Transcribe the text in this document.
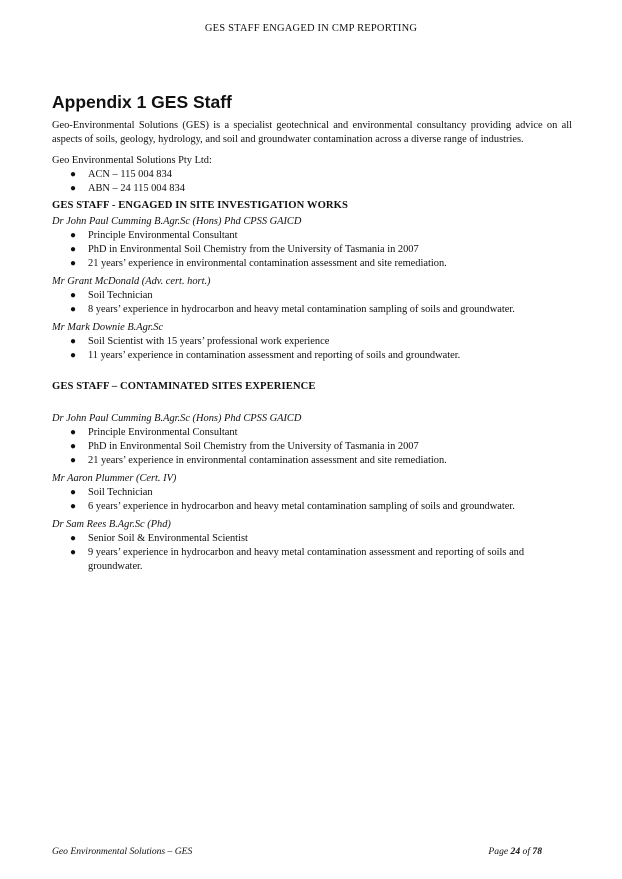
GES STAFF ENGAGED IN CMP REPORTING
Appendix 1 GES Staff

Geo-Environmental Solutions (GES) is a specialist geotechnical and environmental consultancy providing advice on all aspects of soils, geology, hydrology, and soil and groundwater contamination across a diverse range of industries.

Geo Environmental Solutions Pty Ltd:

● ACN – 115 004 834
● ABN – 24 115 004 834
GES STAFF - ENGAGED IN SITE INVESTIGATION WORKS
Dr John Paul Cumming B.Agr.Sc (Hons) Phd CPSS GAICD
● Principle Environmental Consultant
● PhD in Environmental Soil Chemistry from the University of Tasmania in 2007
● 21 years’ experience in environmental contamination assessment and site remediation.
Mr Grant McDonald (Adv. cert. hort.)
● Soil Technician
● 8 years’ experience in hydrocarbon and heavy metal contamination sampling of soils and groundwater.
Mr Mark Downie B.Agr.Sc
● Soil Scientist with 15 years’ professional work experience
● 11 years’ experience in contamination assessment and reporting of soils and groundwater.
GES STAFF – CONTAMINATED SITES EXPERIENCE
Dr John Paul Cumming B.Agr.Sc (Hons) Phd CPSS GAICD
● Principle Environmental Consultant
● PhD in Environmental Soil Chemistry from the University of Tasmania in 2007
● 21 years’ experience in environmental contamination assessment and site remediation.
Mr Aaron Plummer (Cert. IV)
● Soil Technician
● 6 years’ experience in hydrocarbon and heavy metal contamination sampling of soils and groundwater.
Dr Sam Rees B.Agr.Sc (Phd)
● Senior Soil & Environmental Scientist
● 9 years’ experience in hydrocarbon and heavy metal contamination assessment and reporting of soils and groundwater.
Geo Environmental Solutions – GES	Page 24 of 78
